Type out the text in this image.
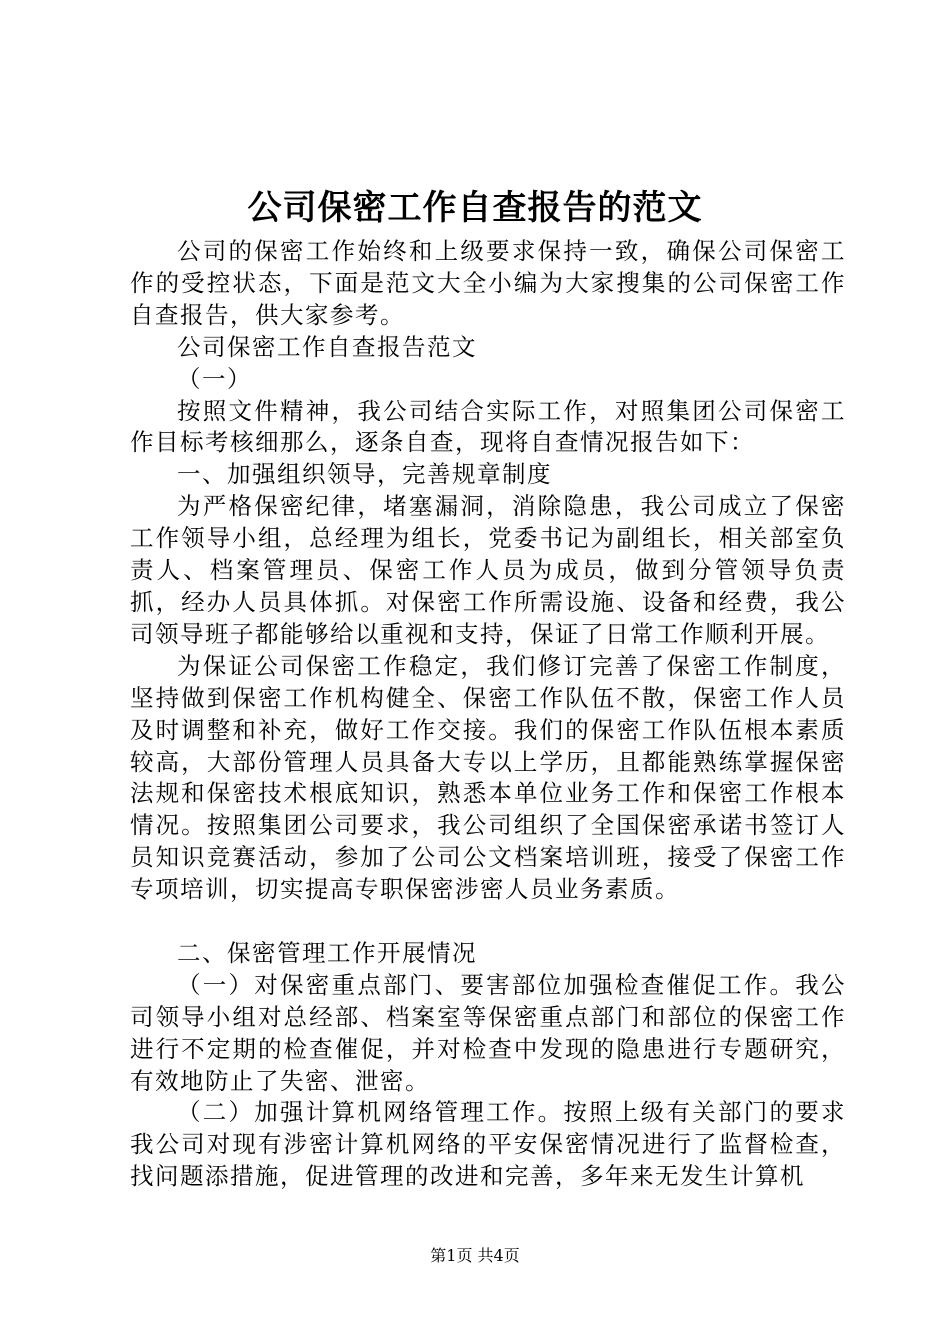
公司保密工作自查报告的范文

公司的保密工作始终和上级要求保持一致，确保公司保密工作的受控状态，下面是范文大全小编为大家搜集的公司保密工作自查报告，供大家参考。

公司保密工作自查报告范文

（一）

按照文件精神，我公司结合实际工作，对照集团公司保密工作目标考核细那么，逐条自查，现将自查情况报告如下：

一、加强组织领导，完善规章制度

为严格保密纪律，堵塞漏洞，消除隐患，我公司成立了保密工作领导小组，总经理为组长，党委书记为副组长，相关部室负责人、档案管理员、保密工作人员为成员，做到分管领导负责抓，经办人员具体抓。对保密工作所需设施、设备和经费，我公司领导班子都能够给以重视和支持，保证了日常工作顺利开展。

为保证公司保密工作稳定，我们修订完善了保密工作制度，坚持做到保密工作机构健全、保密工作队伍不散，保密工作人员及时调整和补充，做好工作交接。我们的保密工作队伍根本素质较高，大部份管理人员具备大专以上学历，且都能熟练掌握保密法规和保密技术根底知识，熟悉本单位业务工作和保密工作根本情况。按照集团公司要求，我公司组织了全国保密承诺书签订人员知识竞赛活动，参加了公司公文档案培训班，接受了保密工作专项培训，切实提高专职保密涉密人员业务素质。

二、保密管理工作开展情况

（一）对保密重点部门、要害部位加强检查催促工作。我公司领导小组对总经部、档案室等保密重点部门和部位的保密工作进行不定期的检查催促，并对检查中发现的隐患进行专题研究，有效地防止了失密、泄密。

（二）加强计算机网络管理工作。按照上级有关部门的要求我公司对现有涉密计算机网络的平安保密情况进行了监督检查，找问题添措施，促进管理的改进和完善，多年来无发生计算机

第1页 共4页
